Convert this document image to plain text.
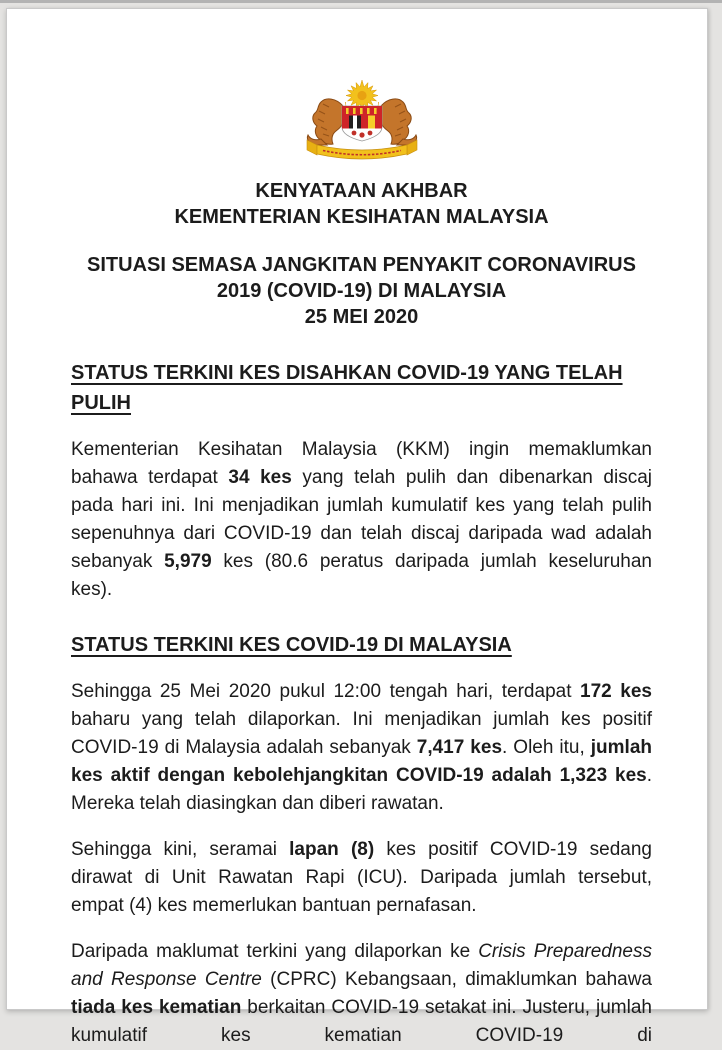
KENYATAAN AKHBAR
KEMENTERIAN KESIHATAN MALAYSIA
SITUASI SEMASA JANGKITAN PENYAKIT CORONAVIRUS
2019 (COVID-19) DI MALAYSIA
25 MEI 2020
STATUS TERKINI KES DISAHKAN COVID-19 YANG TELAH PULIH

Kementerian Kesihatan Malaysia (KKM) ingin memaklumkan bahawa terdapat 34 kes yang telah pulih dan dibenarkan discaj pada hari ini. Ini menjadikan jumlah kumulatif kes yang telah pulih sepenuhnya dari COVID-19 dan telah discaj daripada wad adalah sebanyak 5,979 kes (80.6 peratus daripada jumlah keseluruhan kes).

STATUS TERKINI KES COVID-19 DI MALAYSIA

Sehingga 25 Mei 2020 pukul 12:00 tengah hari, terdapat 172 kes baharu yang telah dilaporkan. Ini menjadikan jumlah kes positif COVID-19 di Malaysia adalah sebanyak 7,417 kes. Oleh itu, jumlah kes aktif dengan kebolehjangkitan COVID-19 adalah 1,323 kes. Mereka telah diasingkan dan diberi rawatan.

Sehingga kini, seramai lapan (8) kes positif COVID-19 sedang dirawat di Unit Rawatan Rapi (ICU). Daripada jumlah tersebut, empat (4) kes memerlukan bantuan pernafasan.

Daripada maklumat terkini yang dilaporkan ke Crisis Preparedness and Response Centre (CPRC) Kebangsaan, dimaklumkan bahawa tiada kes kematian berkaitan COVID-19 setakat ini. Justeru, jumlah kumulatif kes kematian COVID-19 di
